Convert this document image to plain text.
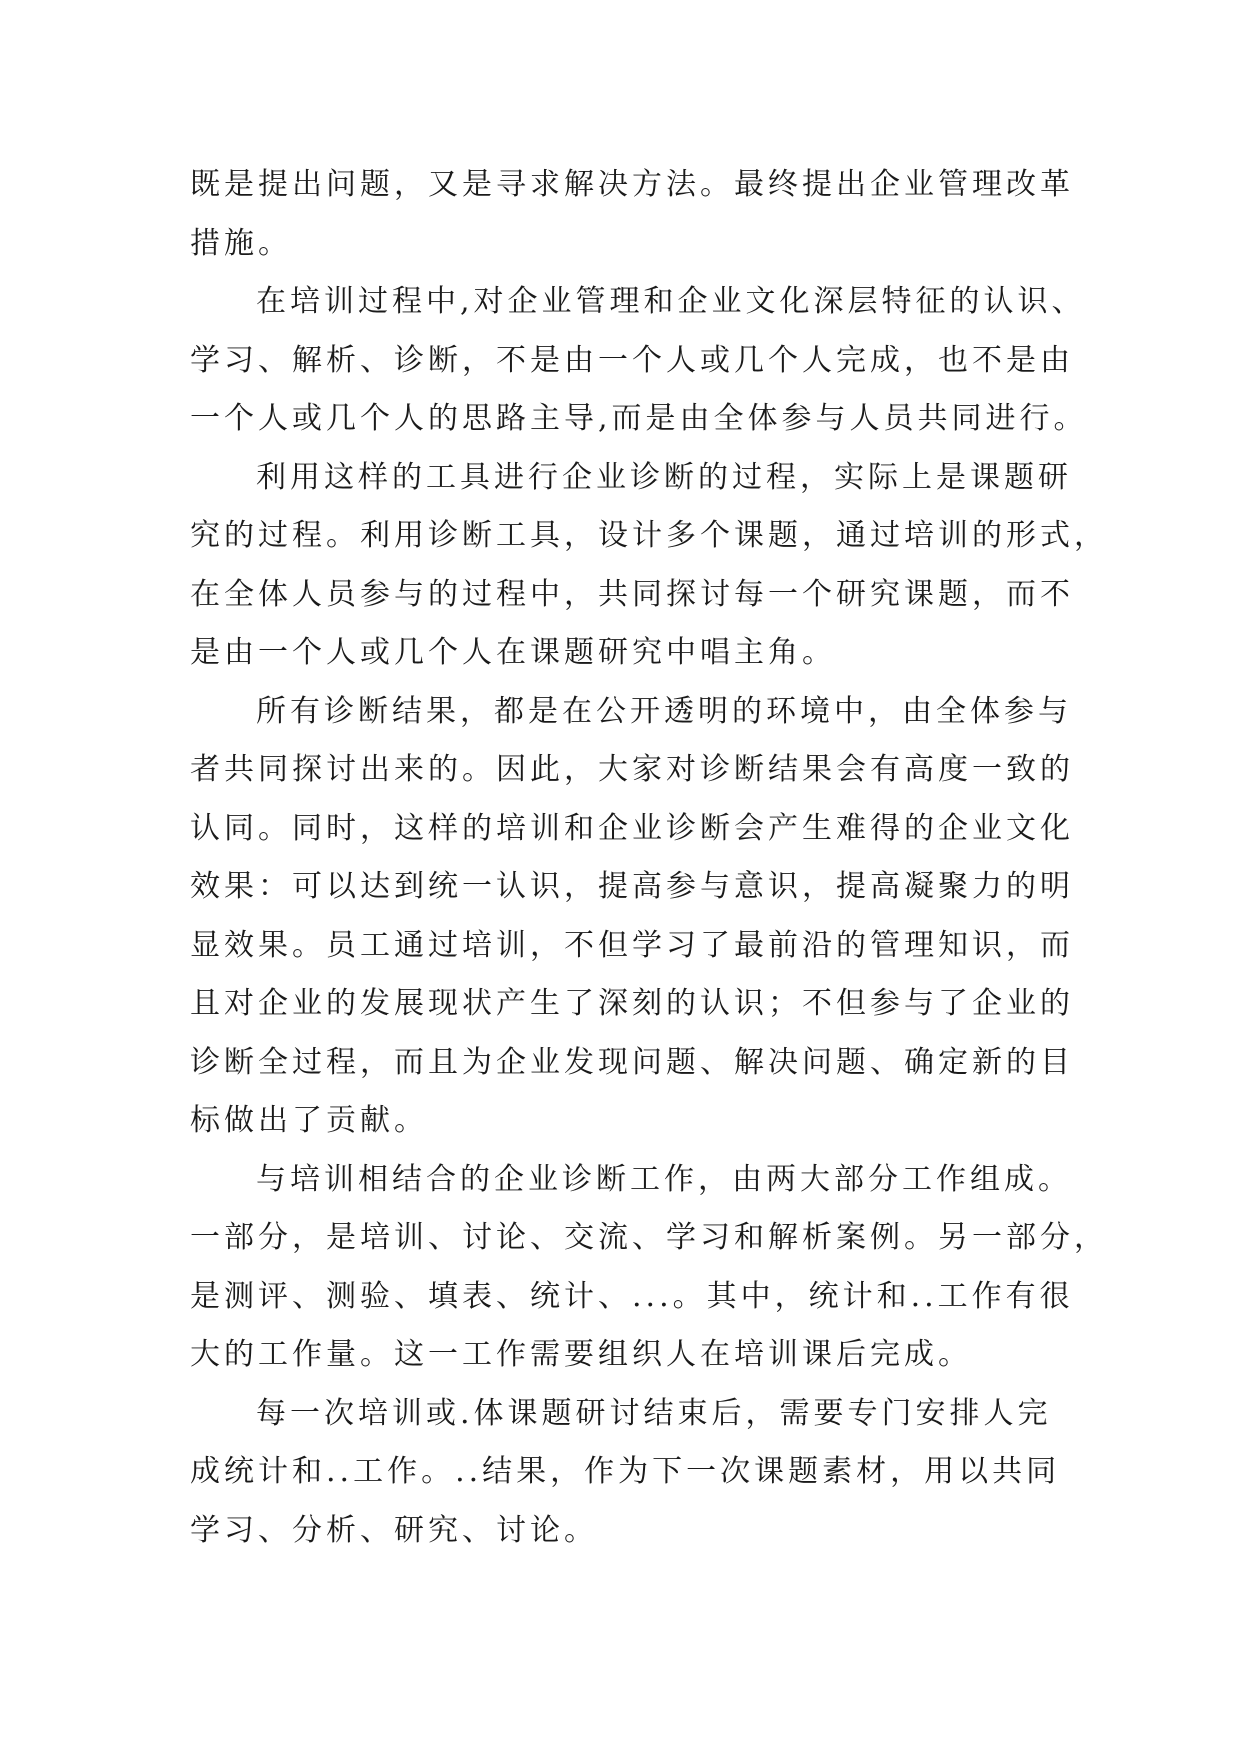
既是提出问题，又是寻求解决方法。最终提出企业管理改革
措施。

在培训过程中,对企业管理和企业文化深层特征的认识、
学习、解析、诊断，不是由一个人或几个人完成，也不是由
一个人或几个人的思路主导,而是由全体参与人员共同进行。

利用这样的工具进行企业诊断的过程，实际上是课题研
究的过程。利用诊断工具，设计多个课题，通过培训的形式，
在全体人员参与的过程中，共同探讨每一个研究课题，而不
是由一个人或几个人在课题研究中唱主角。

所有诊断结果，都是在公开透明的环境中，由全体参与
者共同探讨出来的。因此，大家对诊断结果会有高度一致的
认同。同时，这样的培训和企业诊断会产生难得的企业文化
效果：可以达到统一认识，提高参与意识，提高凝聚力的明
显效果。员工通过培训，不但学习了最前沿的管理知识，而
且对企业的发展现状产生了深刻的认识；不但参与了企业的
诊断全过程，而且为企业发现问题、解决问题、确定新的目
标做出了贡献。

与培训相结合的企业诊断工作，由两大部分工作组成。
一部分，是培训、讨论、交流、学习和解析案例。另一部分，
是测评、测验、填表、统计、...。其中，统计和..工作有很
大的工作量。这一工作需要组织人在培训课后完成。

每一次培训或.体课题研讨结束后，需要专门安排人完
成统计和..工作。..结果，作为下一次课题素材，用以共同
学习、分析、研究、讨论。
